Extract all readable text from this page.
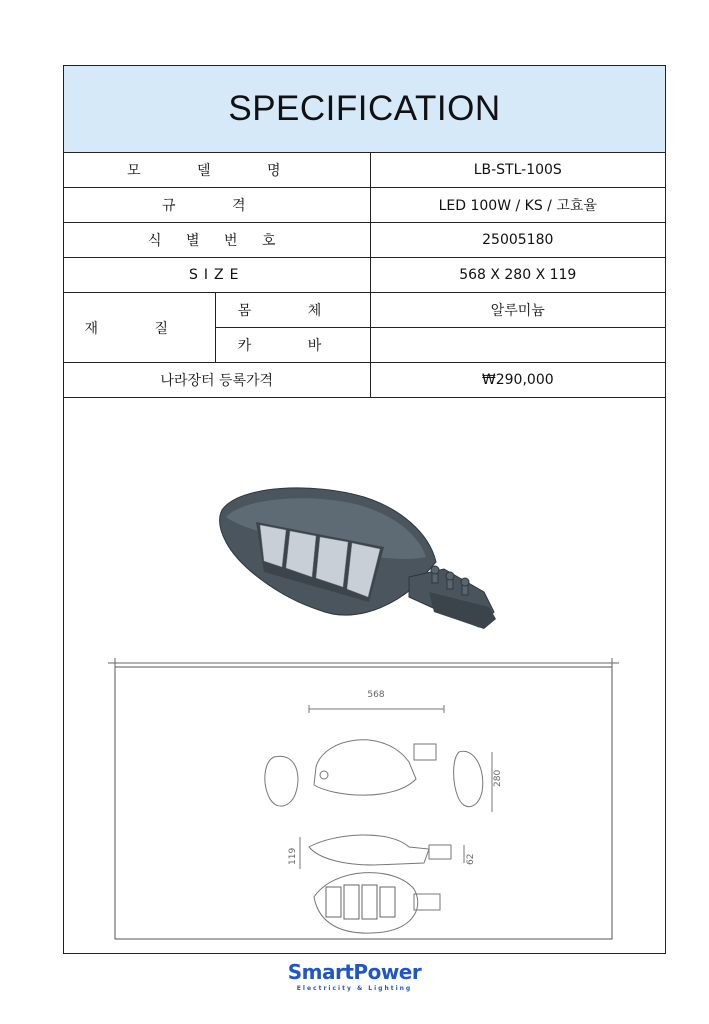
SPECIFICATION
모 델 명		LB-STL-100S
규 격		LED 100W / KS / 고효율
식 별 번 호		25005180
SIZE		568 X 280 X 119
재 질	몸 체	알루미늄
	카 바	
나라장터 등록가격		₩290,000
568
280
119	62
SmartPower
Electricity & Lighting
